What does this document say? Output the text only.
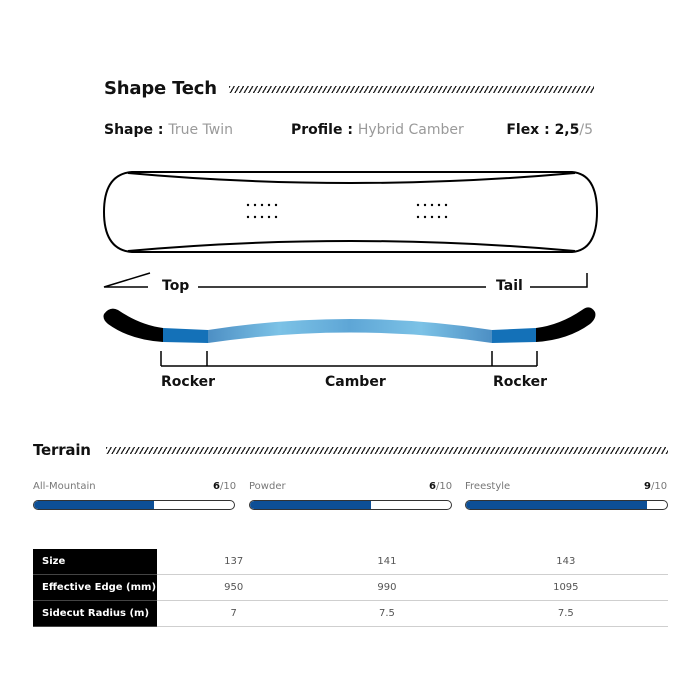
Shape Tech
Shape : True Twin	Profile : Hybrid Camber	Flex : 2,5/5
Top	Tail
Rocker	Camber	Rocker
Terrain
All-Mountain	6/10 Powder	6/10 Freestyle	9/10
Size	137	141	143
Effective Edge (mm)	950	990	1095
Sidecut Radius (m)	7	7.5	7.5
